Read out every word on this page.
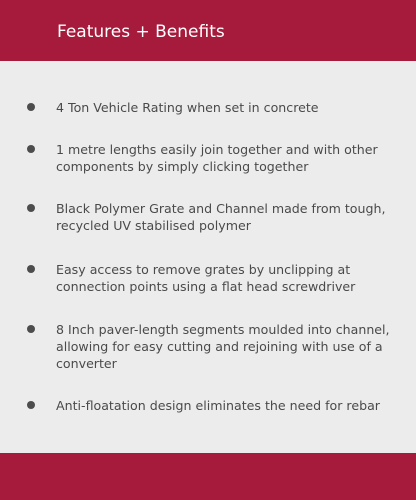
Features + Benefits
4 Ton Vehicle Rating when set in concrete
1 metre lengths easily join together and with other components by simply clicking together
Black Polymer Grate and Channel made from tough, recycled UV stabilised polymer
Easy access to remove grates by unclipping at connection points using a flat head screwdriver
8 Inch paver-length segments moulded into channel, allowing for easy cutting and rejoining with use of a converter
Anti-floatation design eliminates the need for rebar
